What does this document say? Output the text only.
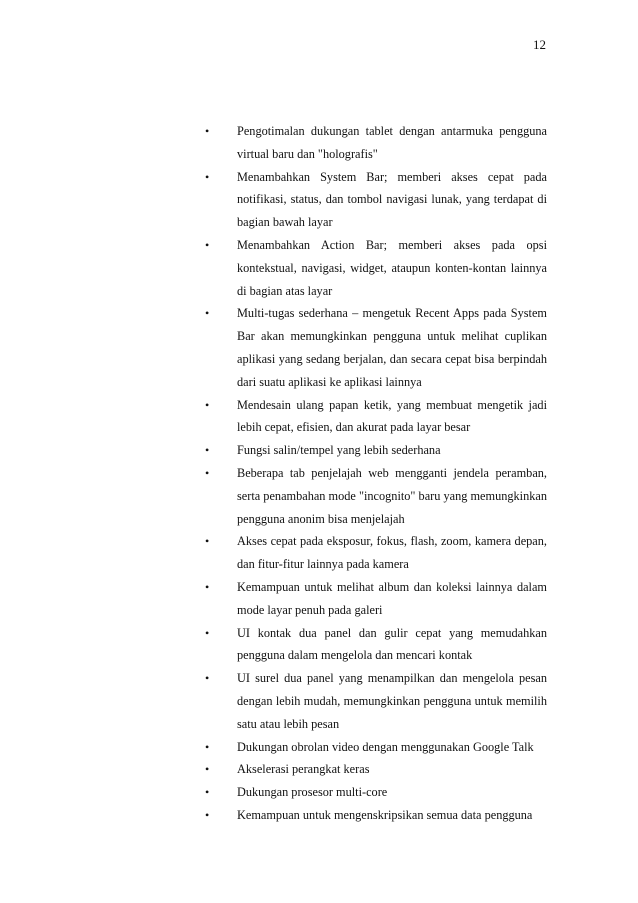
12
•	Pengotimalan dukungan tablet dengan antarmuka pengguna virtual baru dan "holografis"
•	Menambahkan System Bar; memberi akses cepat pada notifikasi, status, dan tombol navigasi lunak, yang terdapat di bagian bawah layar
•	Menambahkan Action Bar; memberi akses pada opsi kontekstual, navigasi, widget, ataupun konten-kontan lainnya di bagian atas layar
•	Multi-tugas sederhana – mengetuk Recent Apps pada System Bar akan memungkinkan pengguna untuk melihat cuplikan aplikasi yang sedang berjalan, dan secara cepat bisa berpindah dari suatu aplikasi ke aplikasi lainnya
•	Mendesain ulang papan ketik, yang membuat mengetik jadi lebih cepat, efisien, dan akurat pada layar besar
•	Fungsi salin/tempel yang lebih sederhana
•	Beberapa tab penjelajah web mengganti jendela peramban, serta penambahan mode "incognito" baru yang memungkinkan pengguna anonim bisa menjelajah
•	Akses cepat pada eksposur, fokus, flash, zoom, kamera depan, dan fitur-fitur lainnya pada kamera
•	Kemampuan untuk melihat album dan koleksi lainnya dalam mode layar penuh pada galeri
•	UI kontak dua panel dan gulir cepat yang memudahkan pengguna dalam mengelola dan mencari kontak
•	UI surel dua panel yang menampilkan dan mengelola pesan dengan lebih mudah, memungkinkan pengguna untuk memilih satu atau lebih pesan
•	Dukungan obrolan video dengan menggunakan Google Talk
•	Akselerasi perangkat keras
•	Dukungan prosesor multi-core
•	Kemampuan untuk mengenskripsikan semua data pengguna
